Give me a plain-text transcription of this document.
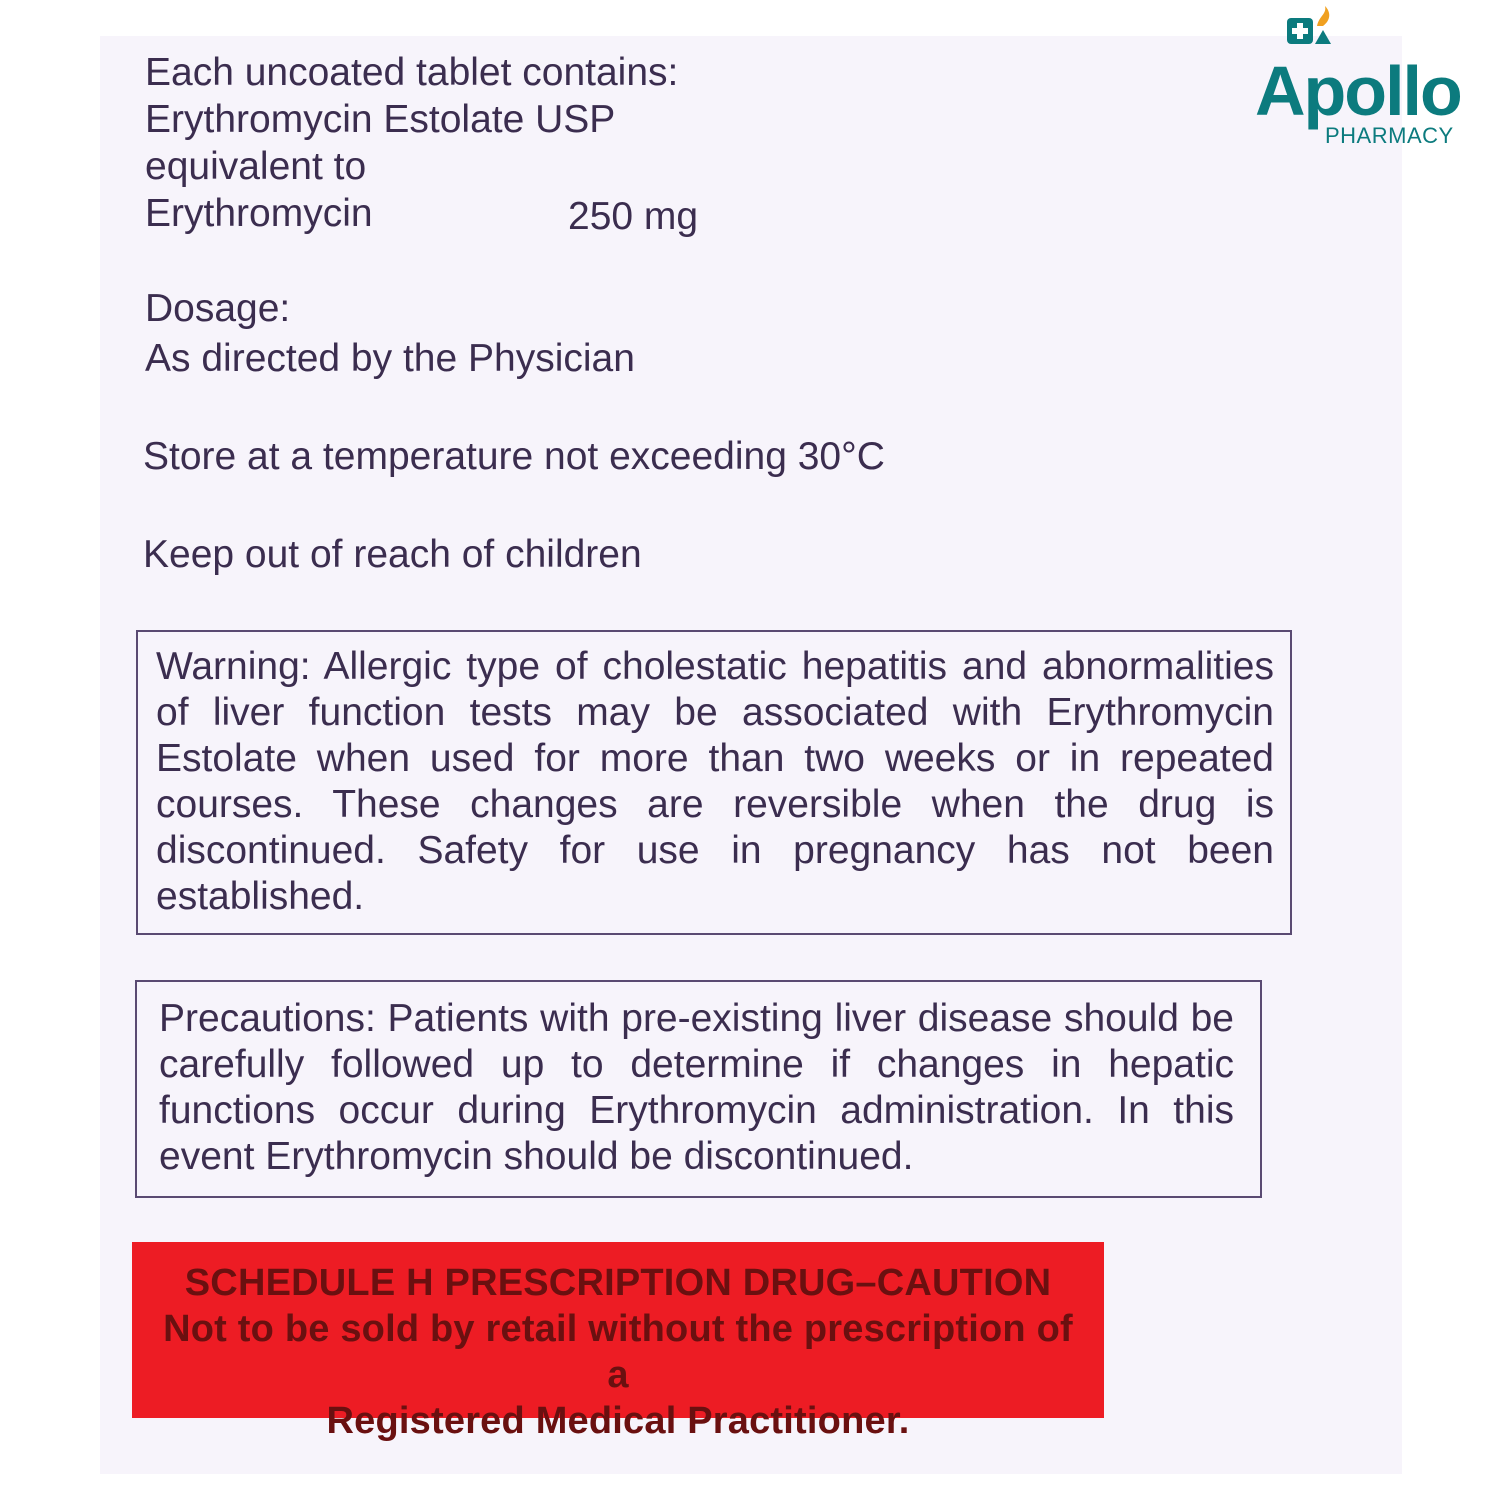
Apollo
PHARMACY
Each uncoated tablet contains:
Erythromycin Estolate USP
equivalent to
Erythromycin	250 mg
Dosage:
As directed by the Physician

Store at a temperature not exceeding 30°C

Keep out of reach of children

Warning: Allergic type of cholestatic hepatitis and abnormalities of liver function tests may be associated with Erythromycin Estolate when used for more than two weeks or in repeated courses. These changes are reversible when the drug is discontinued. Safety for use in pregnancy has not been established.

Precautions: Patients with pre-existing liver disease should be carefully followed up to determine if changes in hepatic functions occur during Erythromycin administration. In this event Erythromycin should be discontinued.

SCHEDULE H PRESCRIPTION DRUG–CAUTION
Not to be sold by retail without the prescription of a
Registered Medical Practitioner.
